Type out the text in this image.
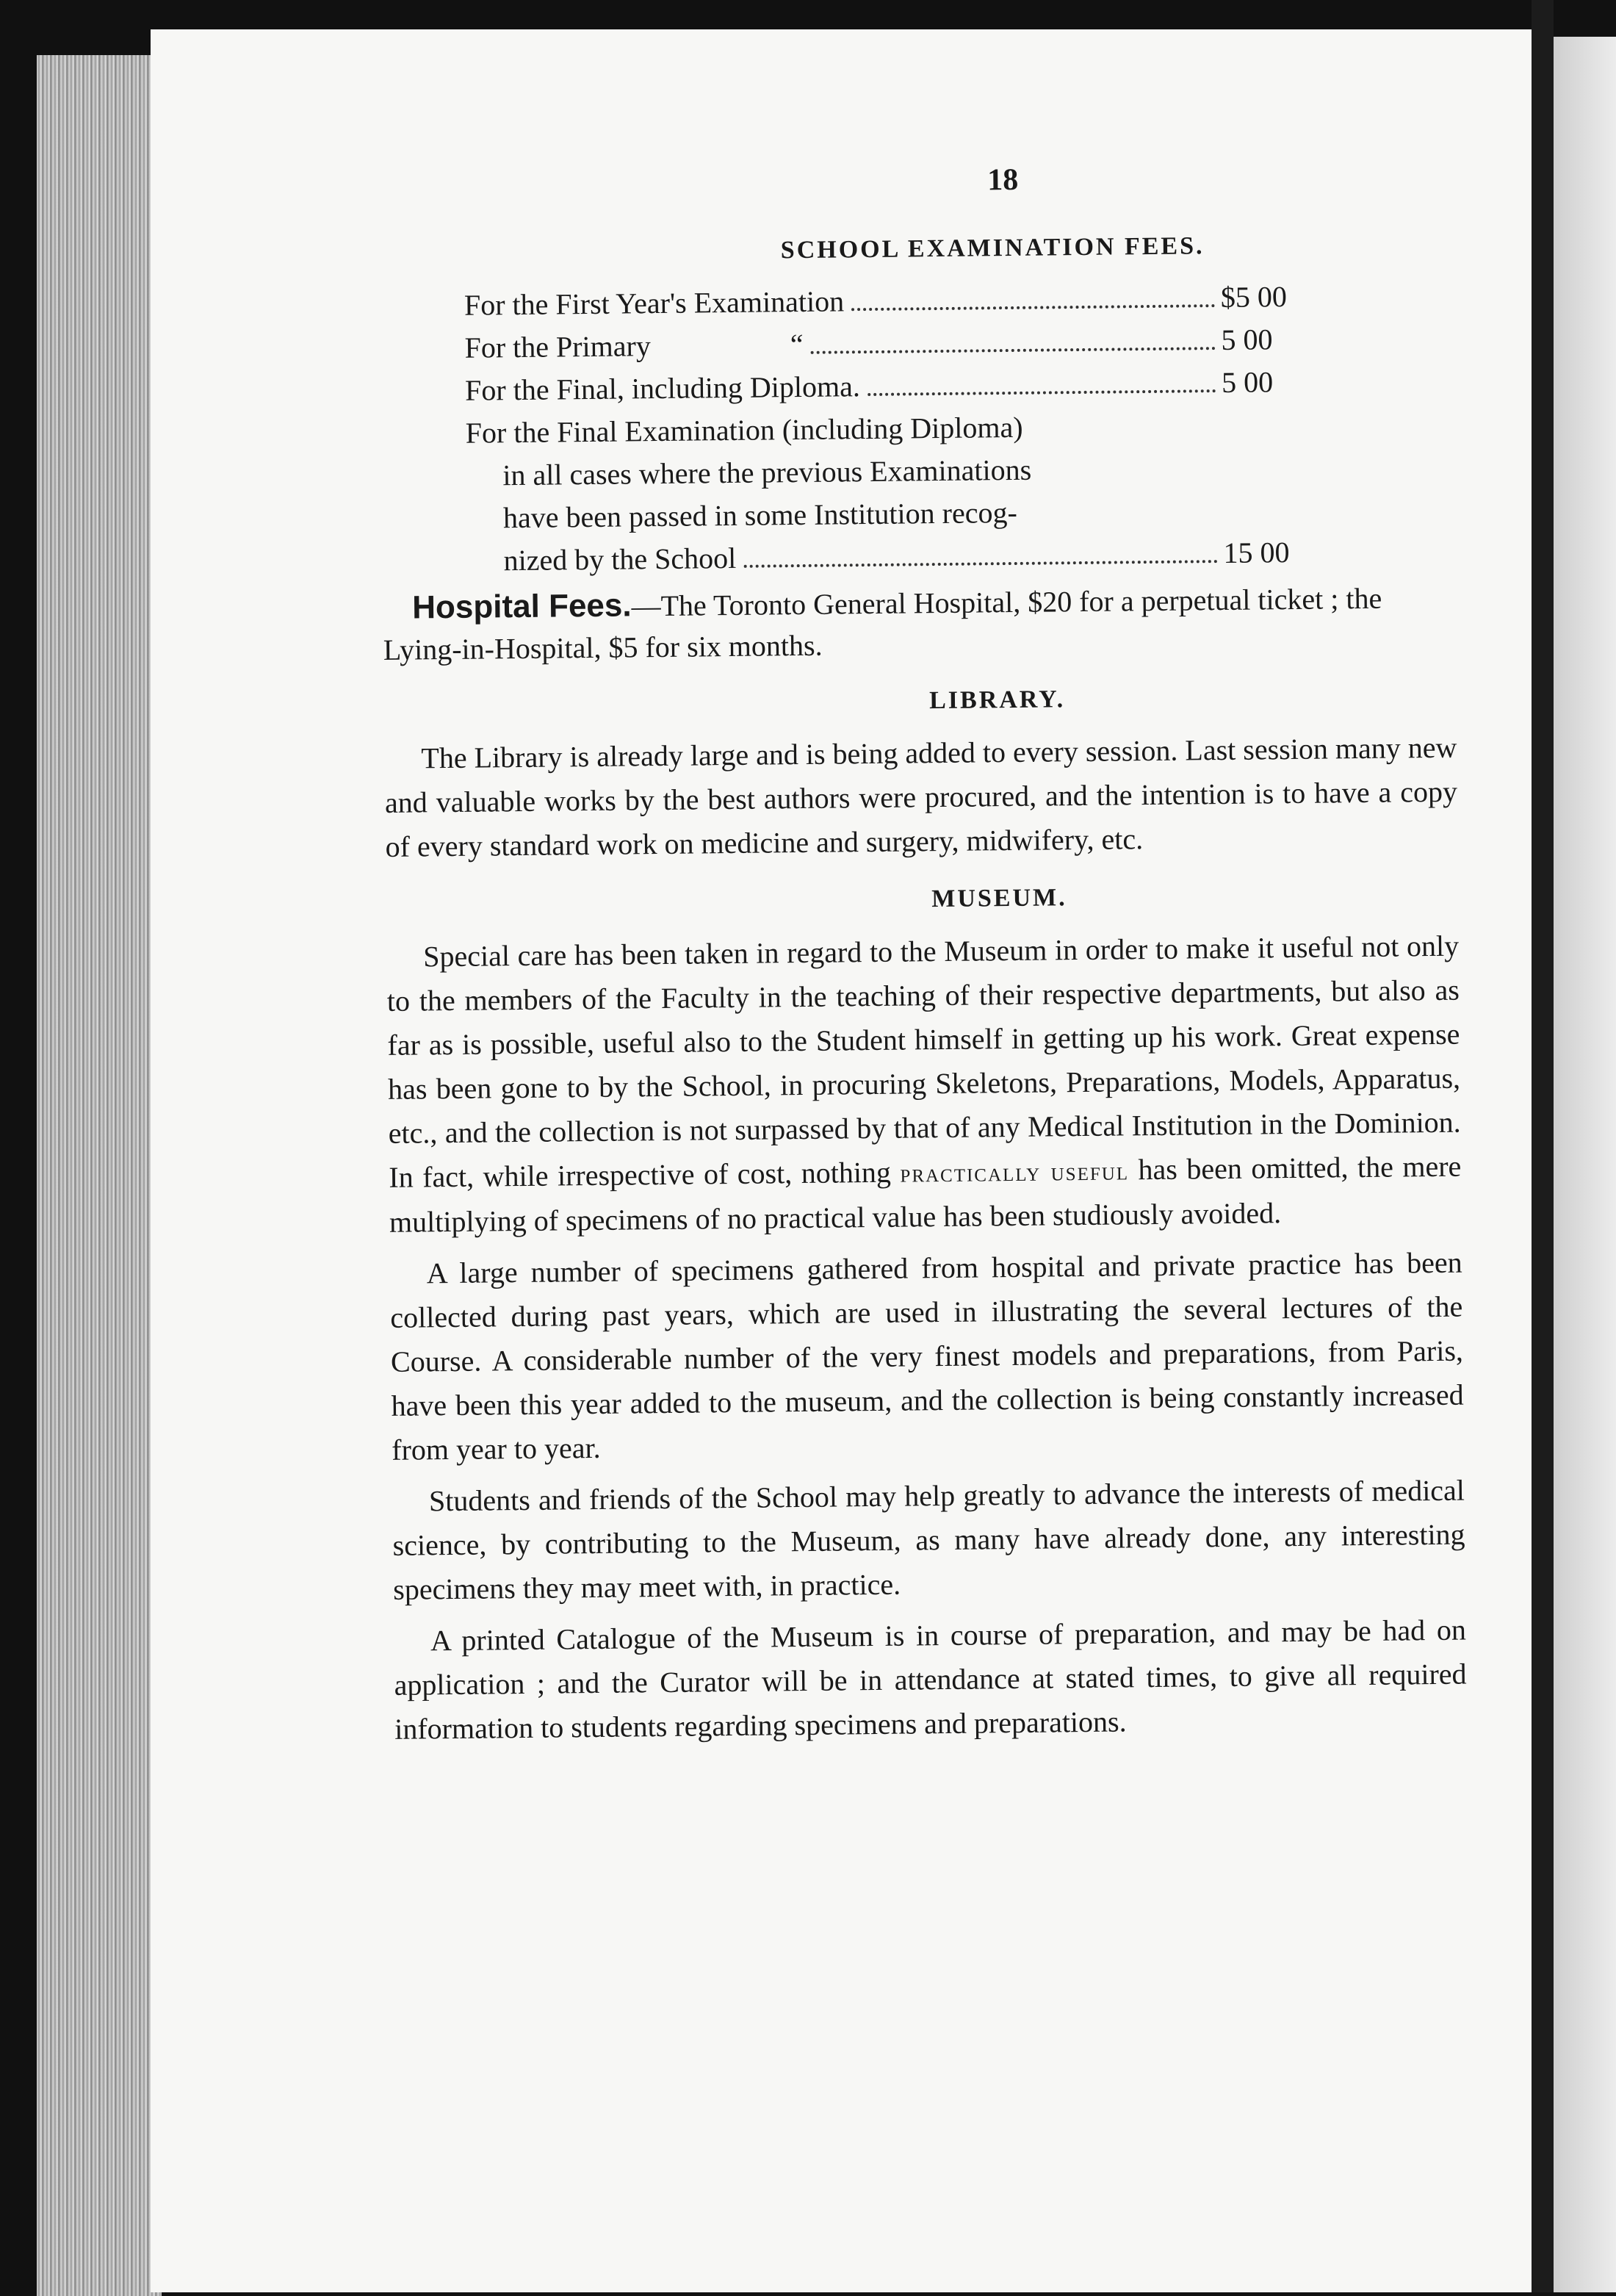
18
SCHOOL EXAMINATION FEES.
For the First Year's Examination	$5 00
For the Primary	“	5 00
For the Final, including Diploma.	5 00
For the Final Examination (including Diploma)
in all cases where the previous Examinations
have been passed in some Institution recog-
nized by the School	15 00
Hospital Fees.—The Toronto General Hospital, $20 for a perpetual ticket ; the Lying-in-Hospital, $5 for six months.
LIBRARY.

The Library is already large and is being added to every session. Last session many new and valuable works by the best authors were procured, and the intention is to have a copy of every standard work on medicine and surgery, midwifery, etc.

MUSEUM.

Special care has been taken in regard to the Museum in order to make it useful not only to the members of the Faculty in the teaching of their respective departments, but also as far as is possible, useful also to the Student himself in getting up his work. Great expense has been gone to by the School, in procuring Skeletons, Preparations, Models, Apparatus, etc., and the collection is not surpassed by that of any Medical Institution in the Dominion. In fact, while irrespective of cost, nothing practically useful has been omitted, the mere multiplying of specimens of no practical value has been studiously avoided.

A large number of specimens gathered from hospital and private practice has been collected during past years, which are used in illustrating the several lectures of the Course. A considerable number of the very finest models and preparations, from Paris, have been this year added to the museum, and the collection is being constantly increased from year to year.

Students and friends of the School may help greatly to advance the interests of medical science, by contributing to the Museum, as many have already done, any interesting specimens they may meet with, in practice.

A printed Catalogue of the Museum is in course of preparation, and may be had on application ; and the Curator will be in attendance at stated times, to give all required information to students regarding specimens and preparations.
